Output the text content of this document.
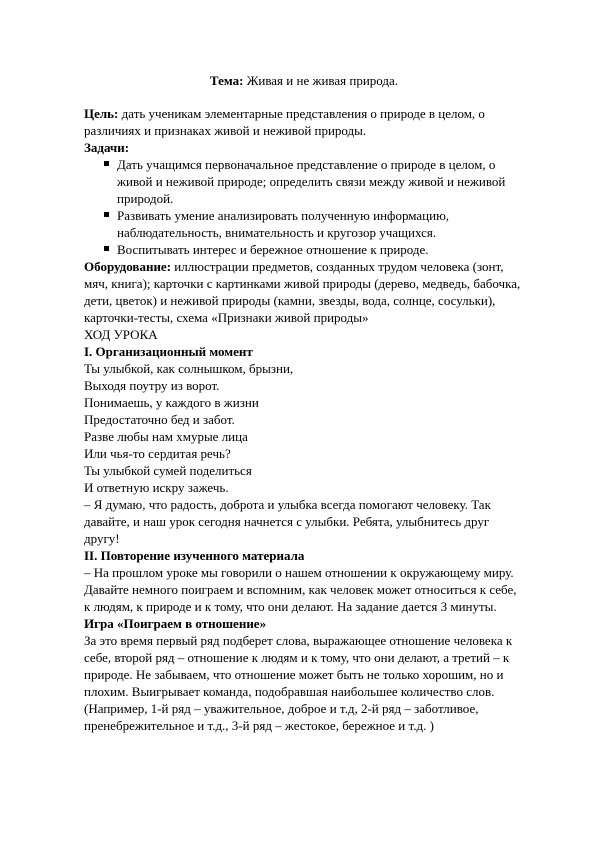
Тема: Живая и не живая природа.

Цель: дать ученикам элементарные представления о природе в целом, о различиях и признаках живой и неживой природы.

Задачи:

Дать учащимся первоначальное представление о природе в целом, о живой и неживой природе; определить связи между живой и неживой природой.
Развивать умение анализировать полученную информацию, наблюдательность, внимательность и кругозор учащихся.
Воспитывать интерес и бережное отношение к природе.

Оборудование: иллюстрации предметов, созданных трудом человека (зонт, мяч, книга); карточки с картинками живой природы (дерево, медведь, бабочка, дети, цветок) и неживой природы (камни, звезды, вода, солнце, сосульки), карточки-тесты, схема «Признаки живой природы»

ХОД УРОКА

I. Организационный момент

Ты улыбкой, как солнышком, брызни,

Выходя поутру из ворот.

Понимаешь, у каждого в жизни

Предостаточно бед и забот.

Разве любы нам хмурые лица

Или чья-то сердитая речь?

Ты улыбкой сумей поделиться

И ответную искру зажечь.

– Я думаю, что радость, доброта и улыбка всегда помогают человеку. Так давайте, и наш урок сегодня начнется с улыбки. Ребята, улыбнитесь друг другу!

II. Повторение изученного материала

– На прошлом уроке мы говорили о нашем отношении к окружающему миру. Давайте немного поиграем и вспомним, как человек может относиться к себе, к людям, к природе и к тому, что они делают. На задание дается 3 минуты.

Игра «Поиграем в отношение»

За это время первый ряд подберет слова, выражающее отношение человека к себе, второй ряд – отношение к людям и к тому, что они делают, а третий – к природе. Не забываем, что отношение может быть не только хорошим, но и плохим. Выигрывает команда, подобравшая наибольшее количество слов. (Например, 1-й ряд – уважительное, доброе и т.д, 2-й ряд – заботливое, пренебрежительное и т.д., 3-й ряд – жестокое, бережное и т.д. )
